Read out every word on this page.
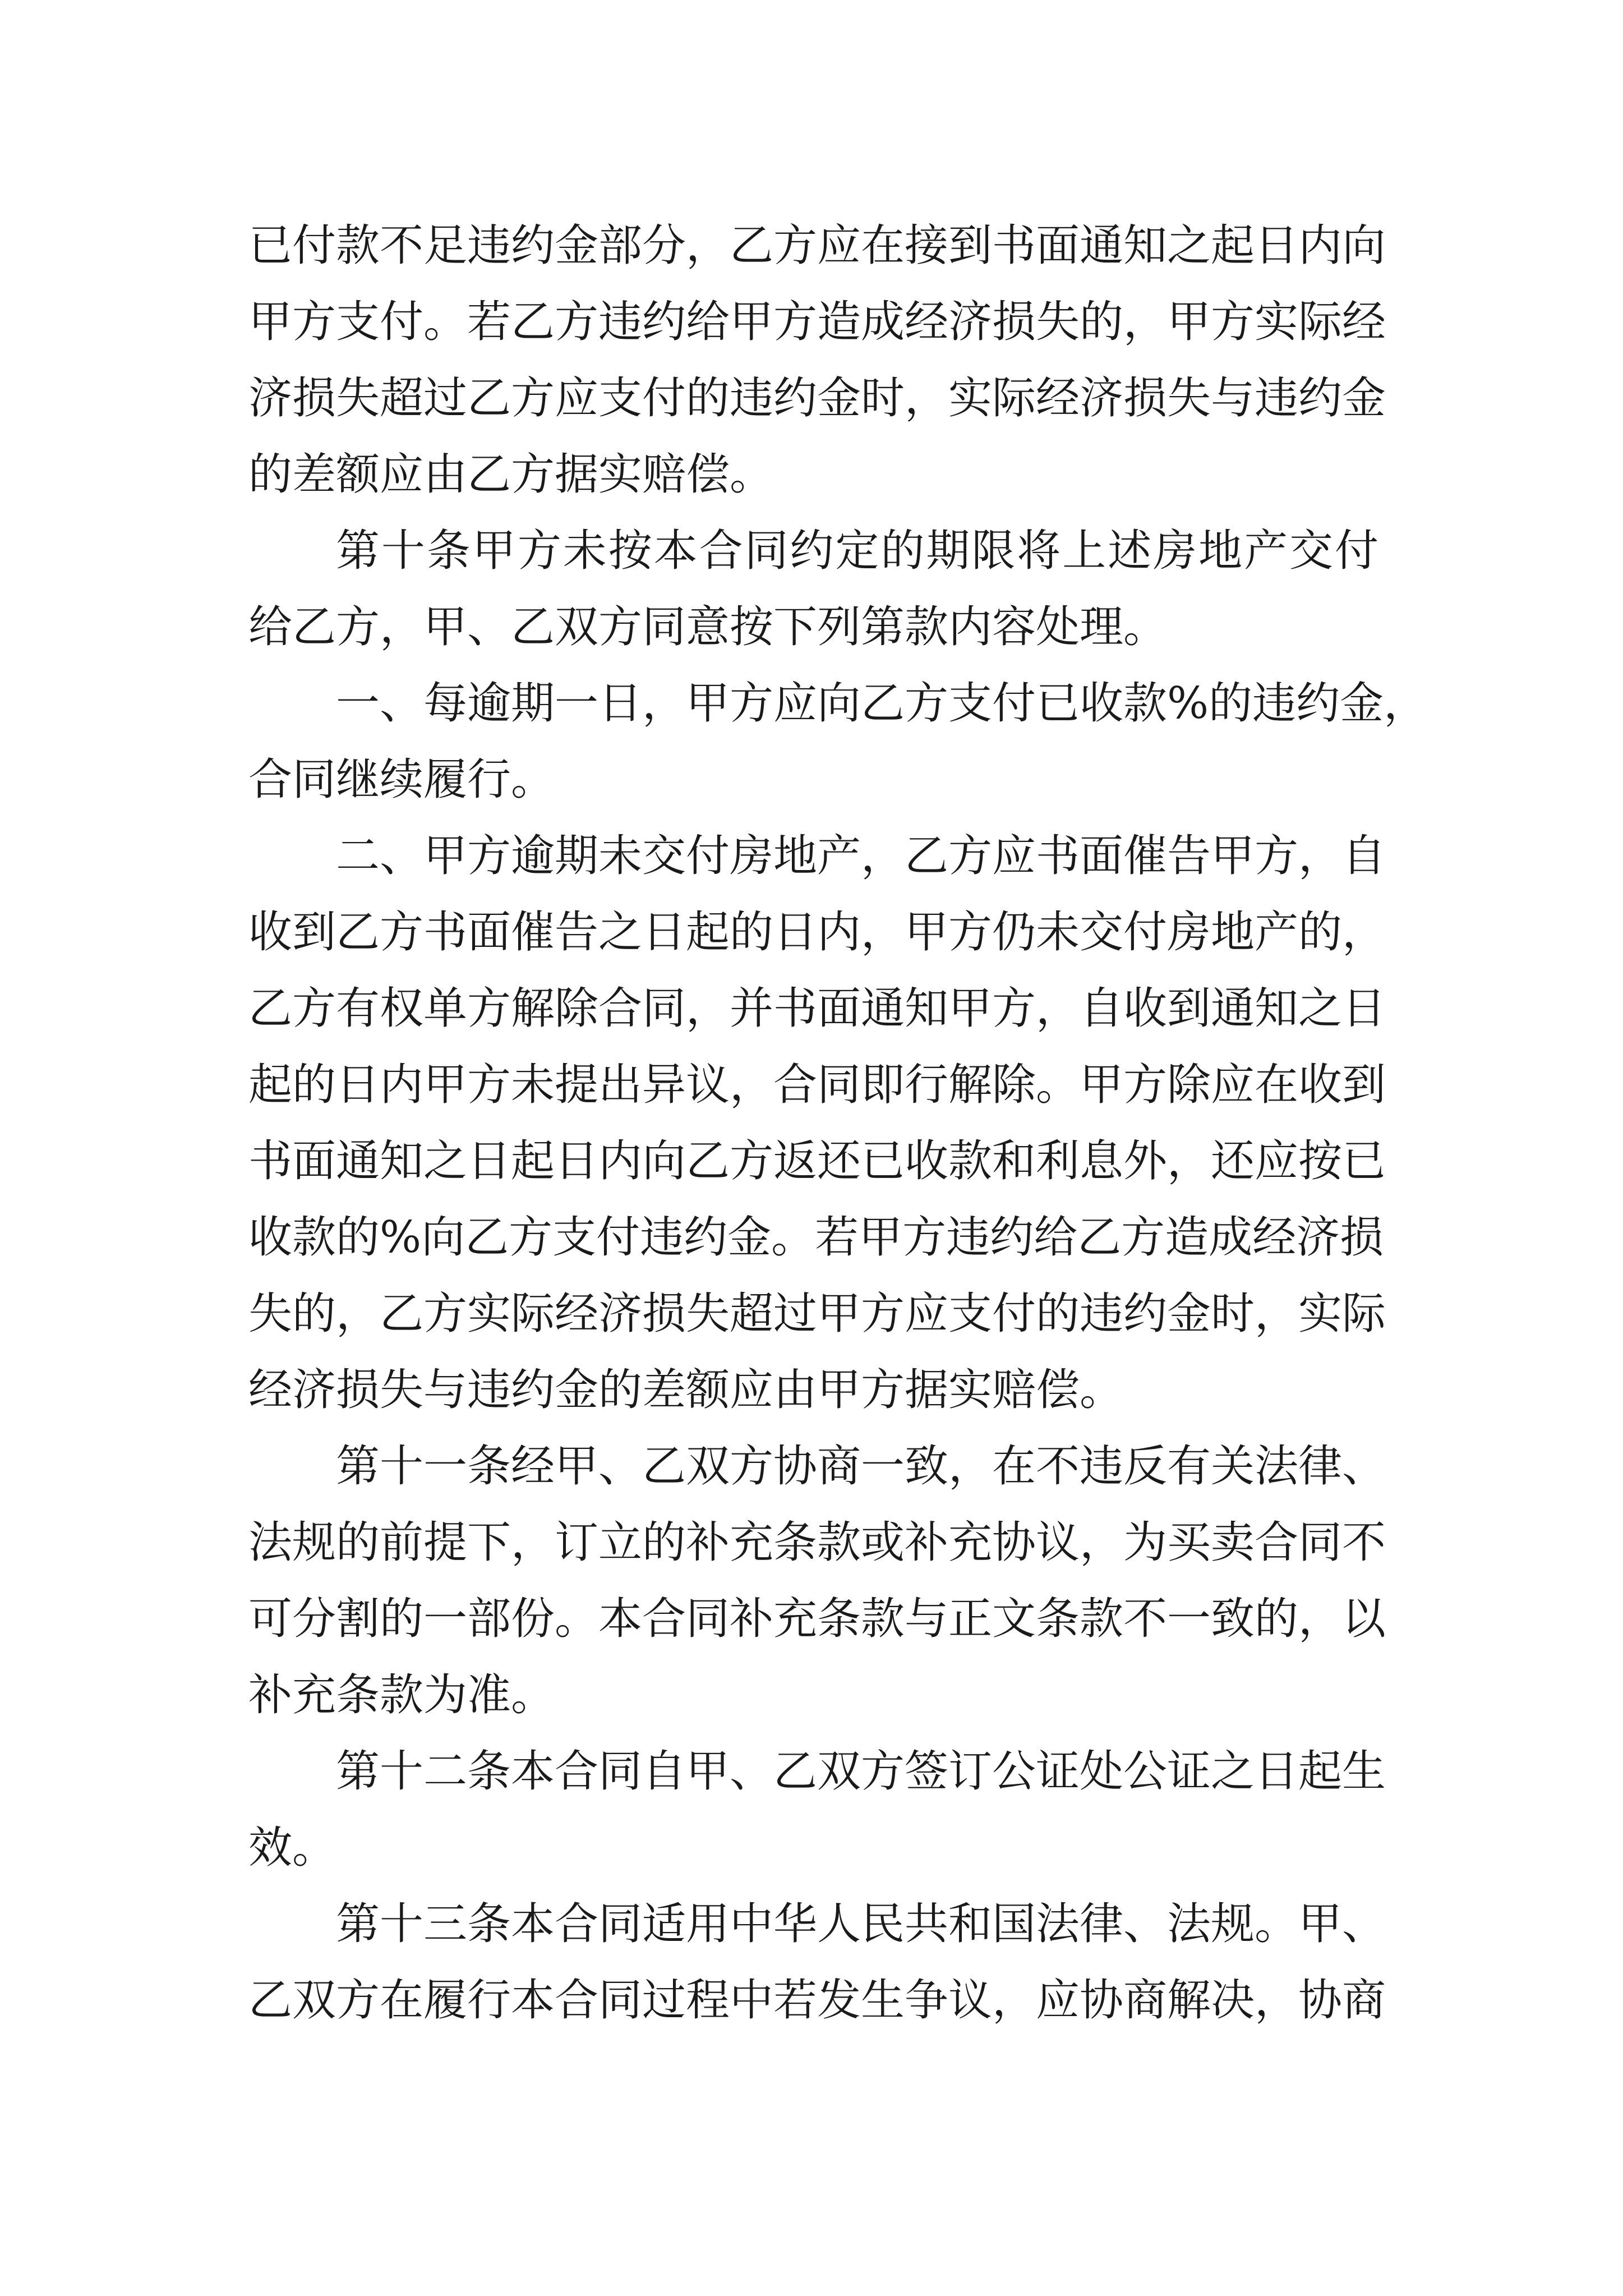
已付款不足违约金部分，乙方应在接到书面通知之起日内向
甲方支付。若乙方违约给甲方造成经济损失的，甲方实际经
济损失超过乙方应支付的违约金时，实际经济损失与违约金
的差额应由乙方据实赔偿。
第十条甲方未按本合同约定的期限将上述房地产交付
给乙方，甲、乙双方同意按下列第款内容处理。
一、每逾期一日，甲方应向乙方支付已收款%的违约金，
合同继续履行。
二、甲方逾期未交付房地产，乙方应书面催告甲方，自
收到乙方书面催告之日起的日内，甲方仍未交付房地产的，
乙方有权单方解除合同，并书面通知甲方，自收到通知之日
起的日内甲方未提出异议，合同即行解除。甲方除应在收到
书面通知之日起日内向乙方返还已收款和利息外，还应按已
收款的%向乙方支付违约金。若甲方违约给乙方造成经济损
失的，乙方实际经济损失超过甲方应支付的违约金时，实际
经济损失与违约金的差额应由甲方据实赔偿。
第十一条经甲、乙双方协商一致，在不违反有关法律、
法规的前提下，订立的补充条款或补充协议，为买卖合同不
可分割的一部份。本合同补充条款与正文条款不一致的，以
补充条款为准。
第十二条本合同自甲、乙双方签订公证处公证之日起生
效。
第十三条本合同适用中华人民共和国法律、法规。甲、
乙双方在履行本合同过程中若发生争议，应协商解决，协商
